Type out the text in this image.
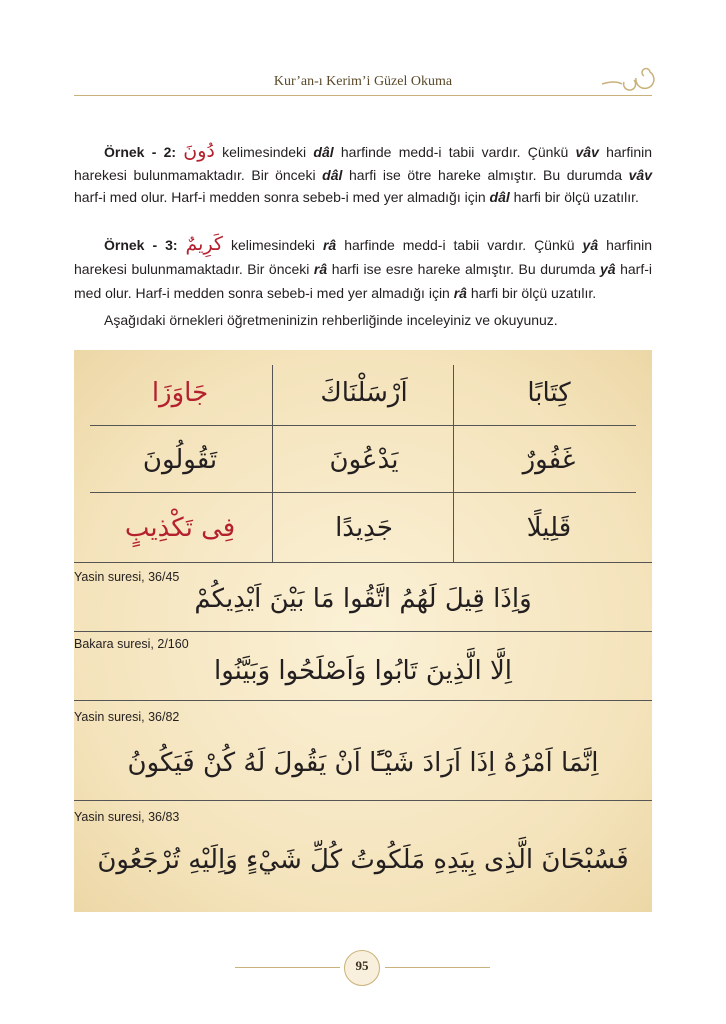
Kur’an-ı Kerim’i Güzel Okuma

Örnek - 2: دُونَ kelimesindeki dâl harfinde medd-i tabii vardır. Çünkü vâv harfinin harekesi bulunmamaktadır. Bir önceki dâl harfi ise ötre hareke almıştır. Bu durumda vâv harf-i med olur. Harf-i medden sonra sebeb-i med yer almadığı için dâl harfi bir ölçü uzatılır.

Örnek - 3: كَرِيمٌ kelimesindeki râ harfinde medd-i tabii vardır. Çünkü yâ harfinin harekesi bulunmamaktadır. Bir önceki râ harfi ise esre hareke almıştır. Bu durumda yâ harf-i med olur. Harf-i medden sonra sebeb-i med yer almadığı için râ harfi bir ölçü uzatılır.

Aşağıdaki örnekleri öğretmeninizin rehberliğinde inceleyiniz ve okuyunuz.
كِتَابًا
اَرْسَلْنَاكَ
جَاوَزَا
غَفُورٌ
يَدْعُونَ
تَقُولُونَ
قَلِيلًا
جَدِيدًا
فِى تَكْذِيبٍ
Yasin suresi, 36/45
وَاِذَا قِيلَ لَهُمُ اتَّقُوا مَا بَيْنَ اَيْدِيكُمْ
Bakara suresi, 2/160
اِلَّا الَّذِينَ تَابُوا وَاَصْلَحُوا وَبَيَّنُوا
Yasin suresi, 36/82
اِنَّمَا اَمْرُهُ اِذَا اَرَادَ شَيْـًٔا اَنْ يَقُولَ لَهُ كُنْ فَيَكُونُ
Yasin suresi, 36/83
فَسُبْحَانَ الَّذِى بِيَدِهِ مَلَكُوتُ كُلِّ شَيْءٍ وَاِلَيْهِ تُرْجَعُونَ
95
